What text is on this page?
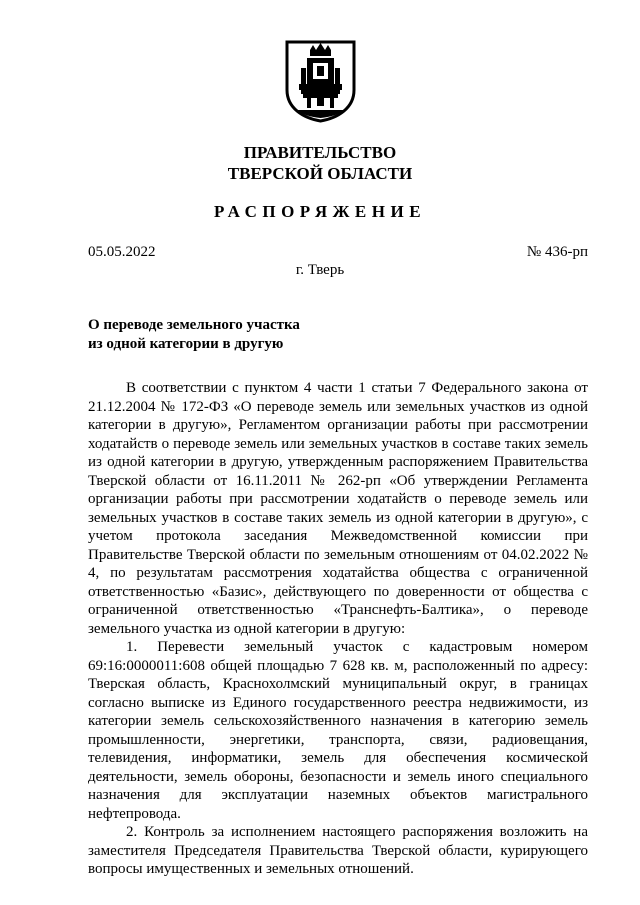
ПРАВИТЕЛЬСТВО
ТВЕРСКОЙ ОБЛАСТИ
РАСПОРЯЖЕНИЕ
05.05.2022	№ 436-рп
г. Тверь
О переводе земельного участка
из одной категории в другую

В соответствии с пунктом 4 части 1 статьи 7 Федерального закона от 21.12.2004 № 172-ФЗ «О переводе земель или земельных участков из одной категории в другую», Регламентом организации работы при рассмотрении ходатайств о переводе земель или земельных участков в составе таких земель из одной категории в другую, утвержденным распоряжением Правительства Тверской области от 16.11.2011 № 262-рп «Об утверждении Регламента организации работы при рассмотрении ходатайств о переводе земель или земельных участков в составе таких земель из одной категории в другую», с учетом протокола заседания Межведомственной комиссии при Правительстве Тверской области по земельным отношениям от 04.02.2022 № 4, по результатам рассмотрения ходатайства общества с ограниченной ответственностью «Базис», действующего по доверенности от общества с ограниченной ответственностью «Транснефть-Балтика», о переводе земельного участка из одной категории в другую:

1. Перевести земельный участок с кадастровым номером 69:16:0000011:608 общей площадью 7 628 кв. м, расположенный по адресу: Тверская область, Краснохолмский муниципальный округ, в границах согласно выписке из Единого государственного реестра недвижимости, из категории земель сельскохозяйственного назначения в категорию земель промышленности, энергетики, транспорта, связи, радиовещания, телевидения, информатики, земель для обеспечения космической деятельности, земель обороны, безопасности и земель иного специального назначения для эксплуатации наземных объектов магистрального нефтепровода.

2. Контроль за исполнением настоящего распоряжения возложить на заместителя Председателя Правительства Тверской области, курирующего вопросы имущественных и земельных отношений.
